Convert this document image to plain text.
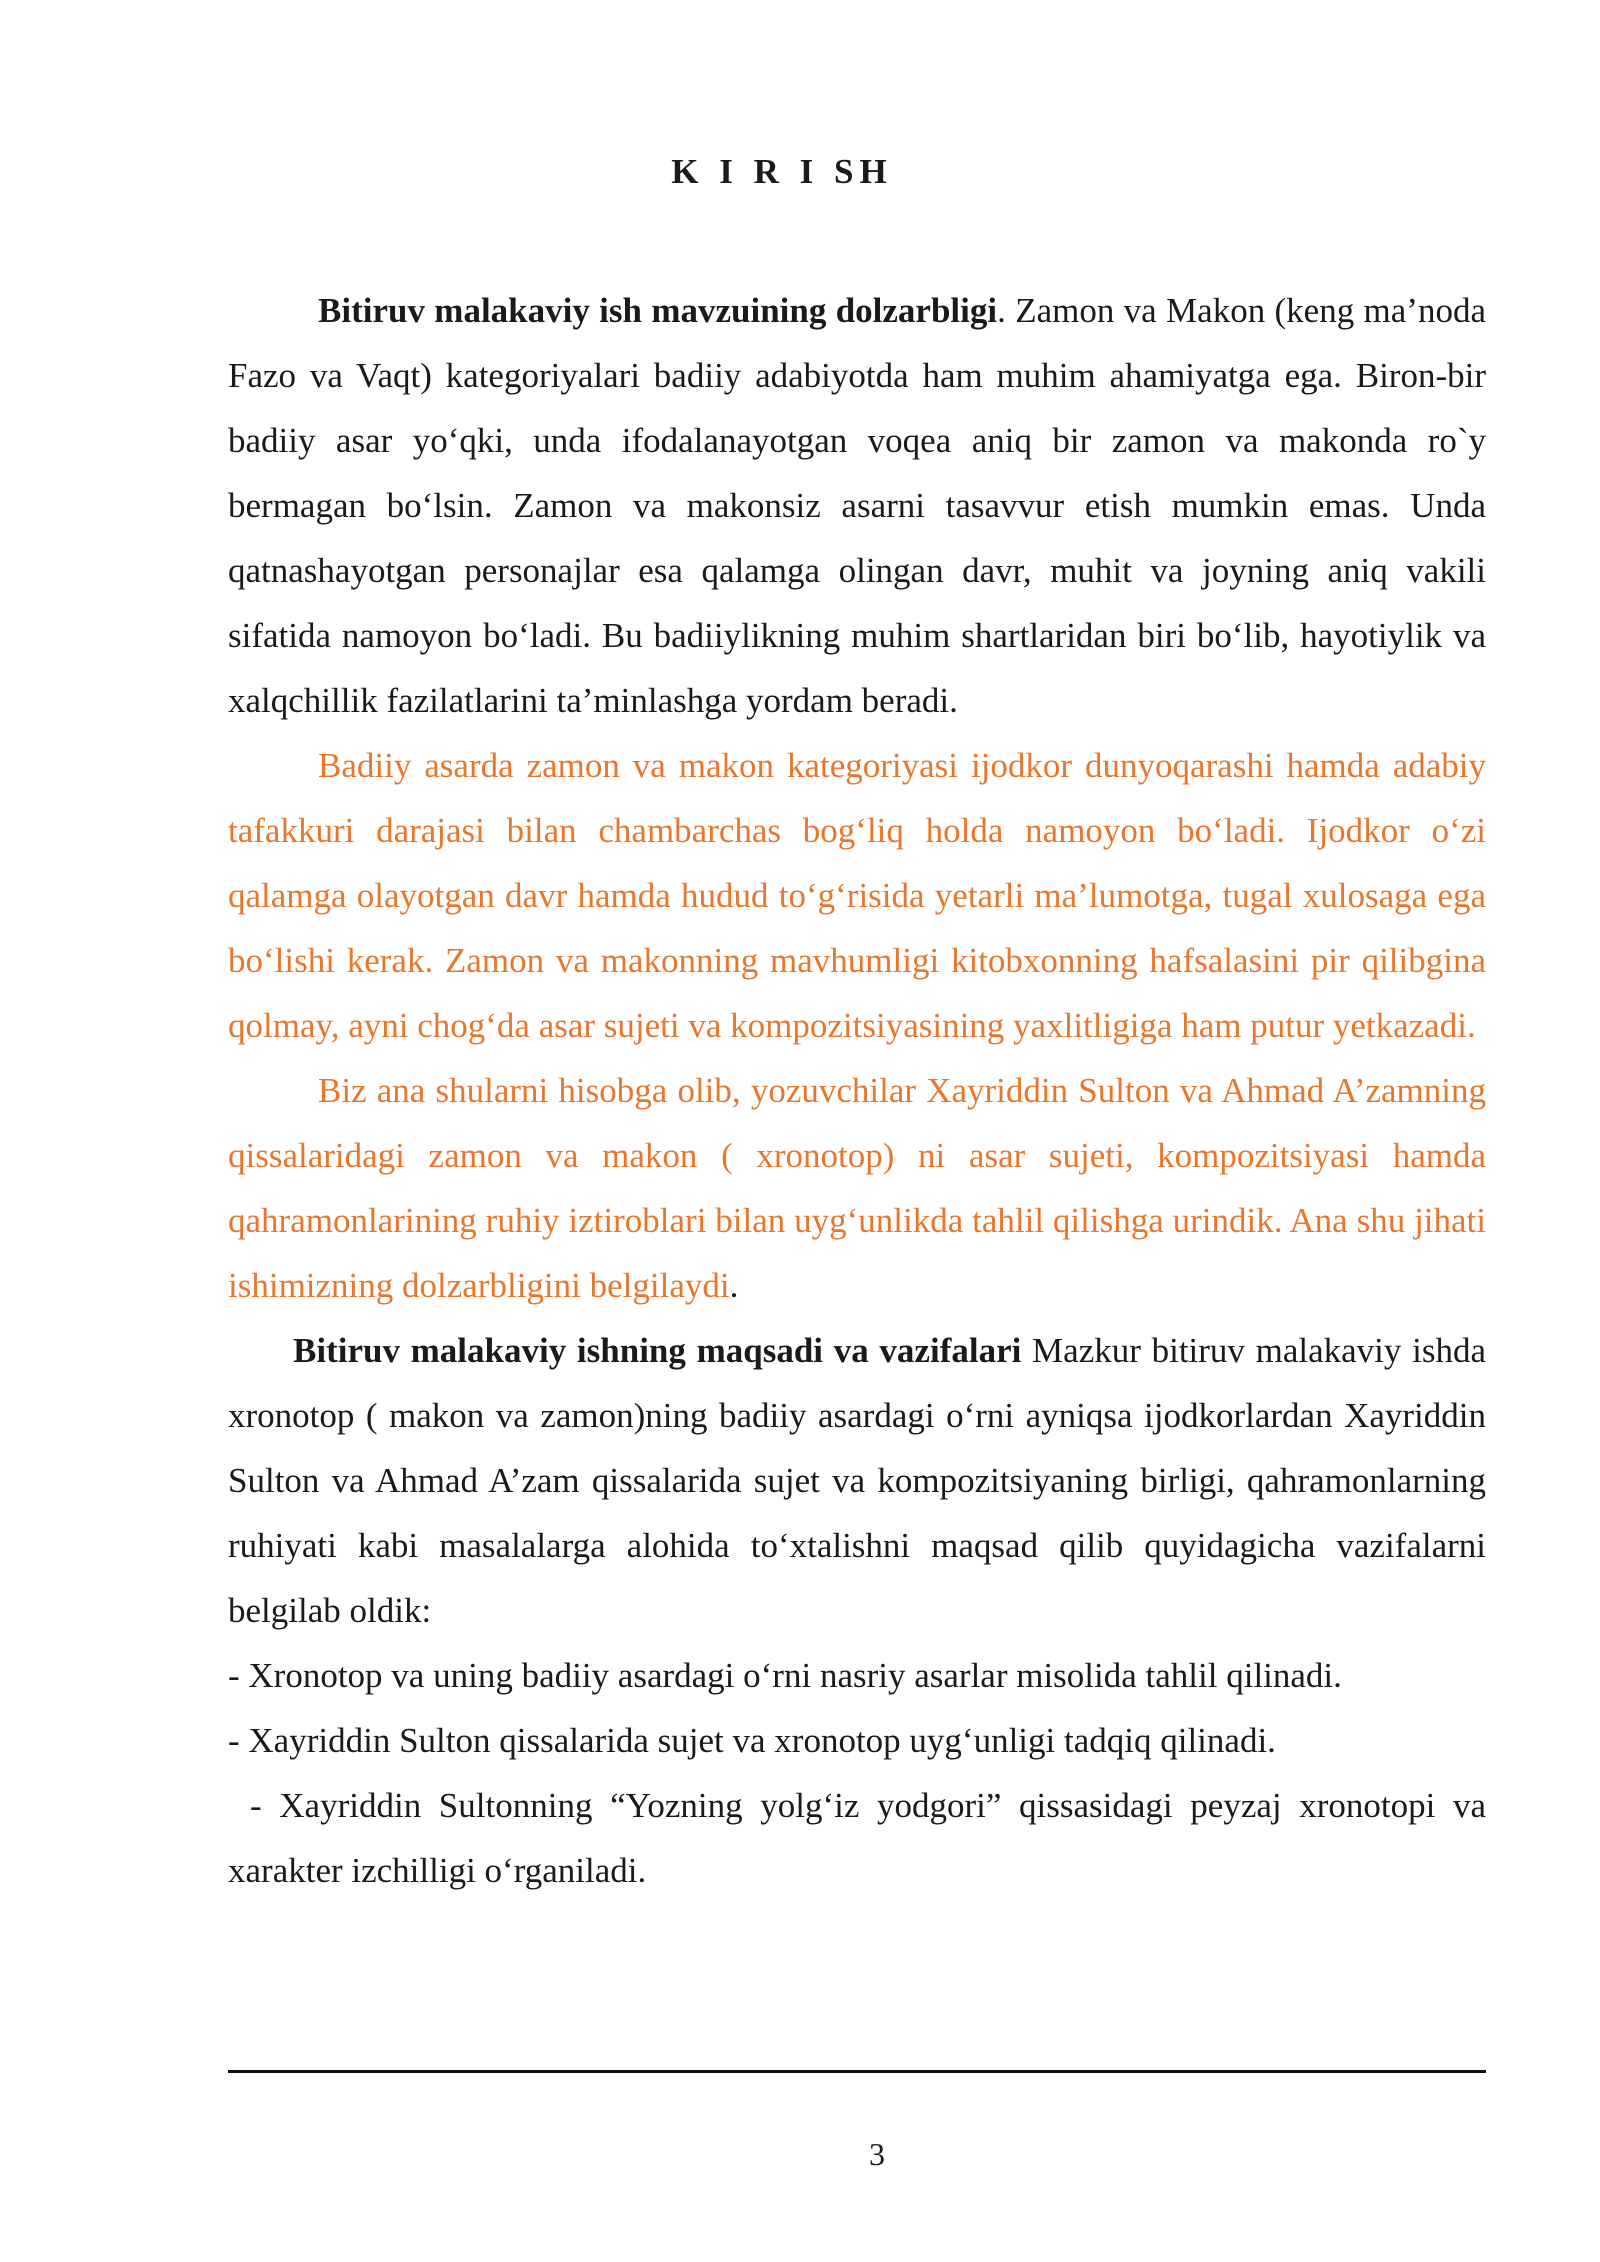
K I R I SH

Bitiruv malakaviy ish mavzuining dolzarbligi. Zamon va Makon (keng ma’noda Fazo va Vaqt) kategoriyalari badiiy adabiyotda ham muhim ahamiyatga ega. Biron-bir badiiy asar yo‘qki, unda ifodalanayotgan voqea aniq bir zamon va makonda ro`y bermagan bo‘lsin. Zamon va makonsiz asarni tasavvur etish mumkin emas. Unda qatnashayotgan personajlar esa qalamga olingan davr, muhit va joyning aniq vakili sifatida namoyon bo‘ladi. Bu badiiylikning muhim shartlaridan biri bo‘lib, hayotiylik va xalqchillik fazilatlarini ta’minlashga yordam beradi.

Badiiy asarda zamon va makon kategoriyasi ijodkor dunyoqarashi hamda adabiy tafakkuri darajasi bilan chambarchas bog‘liq holda namoyon bo‘ladi. Ijodkor o‘zi qalamga olayotgan davr hamda hudud to‘g‘risida yetarli ma’lumotga, tugal xulosaga ega bo‘lishi kerak. Zamon va makonning mavhumligi kitobxonning hafsalasini pir qilibgina qolmay, ayni chog‘da asar sujeti va kompozitsiyasining yaxlitligiga ham putur yetkazadi.

Biz ana shularni hisobga olib, yozuvchilar Xayriddin Sulton va Ahmad A’zamning qissalaridagi zamon va makon ( xronotop) ni asar sujeti, kompozitsiyasi hamda qahramonlarining ruhiy iztiroblari bilan uyg‘unlikda tahlil qilishga urindik. Ana shu jihati ishimizning dolzarbligini belgilaydi.

Bitiruv malakaviy ishning maqsadi va vazifalari Mazkur bitiruv malakaviy ishda xronotop ( makon va zamon)ning badiiy asardagi o‘rni ayniqsa ijodkorlardan Xayriddin Sulton va Ahmad A’zam qissalarida sujet va kompozitsiyaning birligi, qahramonlarning ruhiyati kabi masalalarga alohida to‘xtalishni maqsad qilib quyidagicha vazifalarni belgilab oldik:

- Xronotop va uning badiiy asardagi o‘rni nasriy asarlar misolida tahlil qilinadi.

- Xayriddin Sulton qissalarida sujet va xronotop uyg‘unligi tadqiq qilinadi.

- Xayriddin Sultonning “Yozning yolg‘iz yodgori” qissasidagi peyzaj xronotopi va xarakter izchilligi o‘rganiladi.

3
